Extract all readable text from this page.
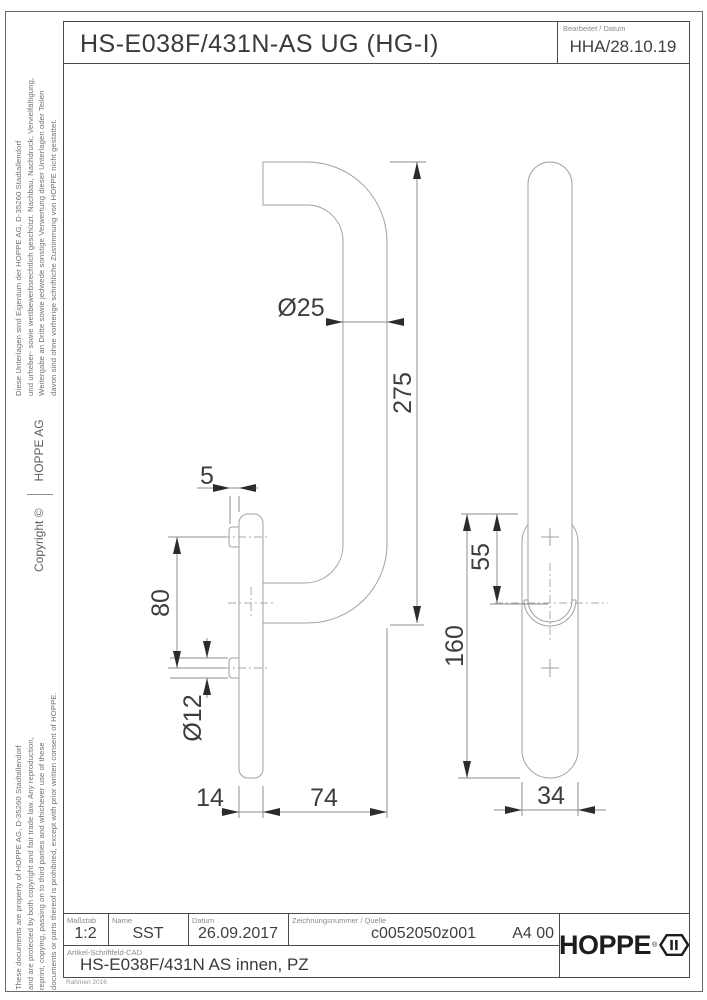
Diese Unterlagen sind Eigentum der HOPPE AG, D-35260 Stadtallendorf und urheber- sowie wettbewerbsrechtlich geschützt. Nachbau, Nachdruck, Vervielfältigung, Weitergabe an Dritte sowie jedwede sonstige Verwertung dieser Unterlagen oder Teilen davon sind ohne vorherige schriftliche Zustimmung von HOPPE nicht gestattet.
Copyright ©HOPPE AG
These documents are property of HOPPE AG, D-35260 Stadtallendorf and are protected by both copyright and fair trade law. Any reproduction, reprint, copying, passing on to third parties and whichever use of these documents or parts thereof is prohibited, except with prior written consent of HOPPE.
HS-E038F/431N-AS UG (HG-I)
Bearbeitet / Datum
HHA/28.10.19
Maßstab
1:2
Name
SST
Datum
26.09.2017
Zeichnungsnummer / Quelle
c0052050z001	A4 00
Artikel-Schriftfeld-CAD
HS-E038F/431N AS innen, PZ
HOPPE ®
Rahmen 2016
5
Ø25
275
80
Ø12
14	74
55
160
34
